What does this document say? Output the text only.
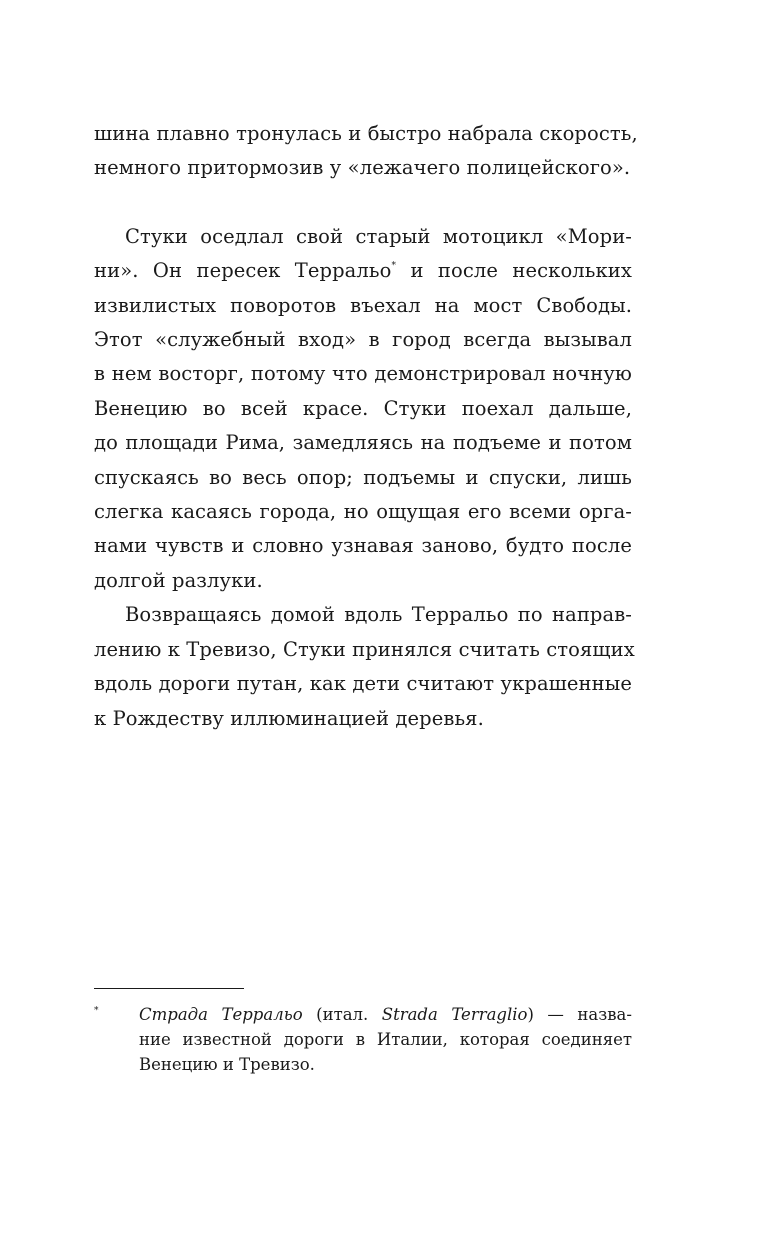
шина плавно тронулась и быстро набрала скорость,
немного притормозив у «лежачего полицейского».

Стуки оседлал свой старый мотоцикл «Мори-
ни». Он пересек Терральо* и после нескольких
извилистых поворотов въехал на мост Свободы.
Этот «служебный вход» в город всегда вызывал
в нем восторг, потому что демонстрировал ночную
Венецию во всей красе. Стуки поехал дальше,
до площади Рима, замедляясь на подъеме и потом
спускаясь во весь опор; подъемы и спуски, лишь
слегка касаясь города, но ощущая его всеми орга-
нами чувств и словно узнавая заново, будто после
долгой разлуки.

Возвращаясь домой вдоль Терральо по направ-
лению к Тревизо, Стуки принялся считать стоящих
вдоль дороги путан, как дети считают украшенные
к Рождеству иллюминацией деревья.

* Страда Терральо (итал. Strada Terraglio) — назва-
ние известной дороги в Италии, которая соединяет
Венецию и Тревизо.
